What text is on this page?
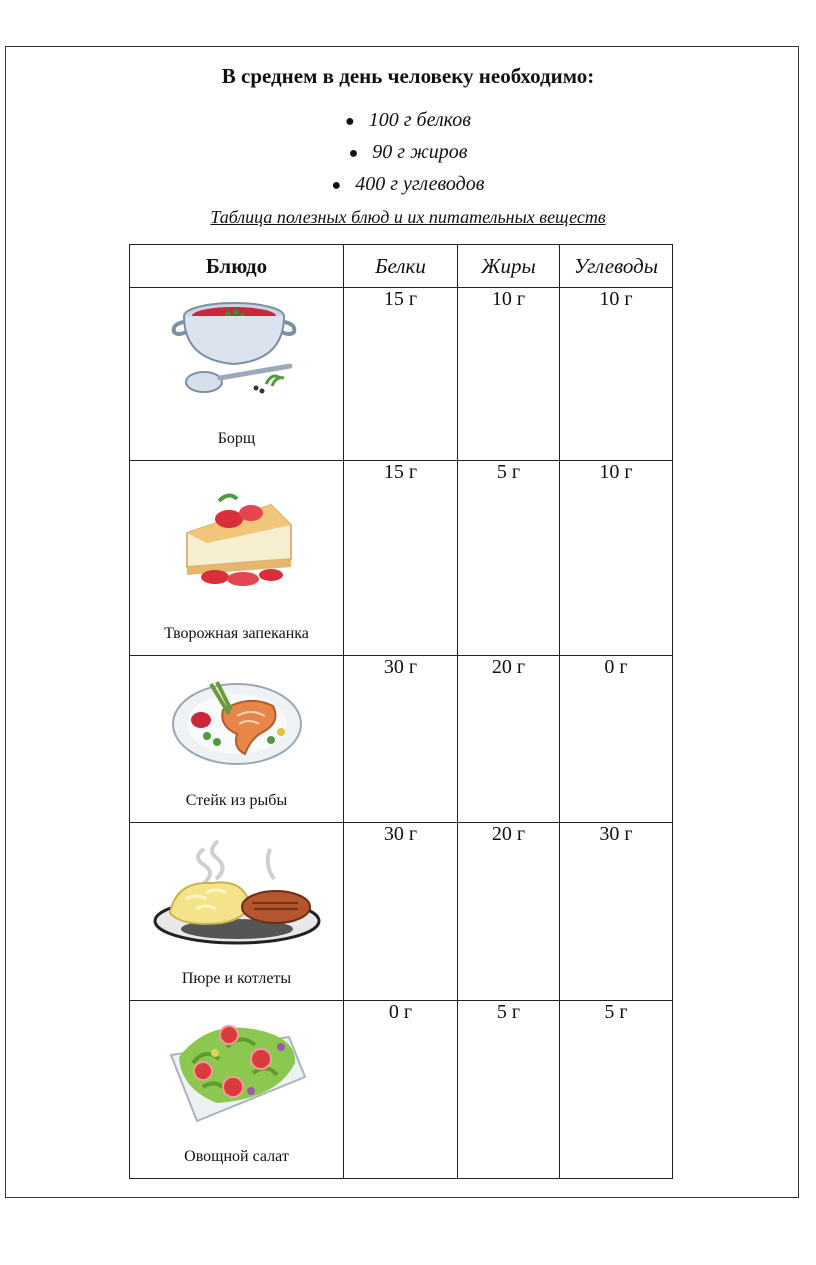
В среднем в день человеку необходимо:
● 100 г белков
● 90 г жиров
● 400 г углеводов
Таблица полезных блюд и их питательных веществ
Блюдо	Белки	Жиры	Углеводы

Борщ	15 г	10 г	10 г

Творожная запеканка	15 г	5 г	10 г

Стейк из рыбы	30 г	20 г	0 г

Пюре и котлеты	30 г	20 г	30 г

Овощной салат	0 г	5 г	5 г
